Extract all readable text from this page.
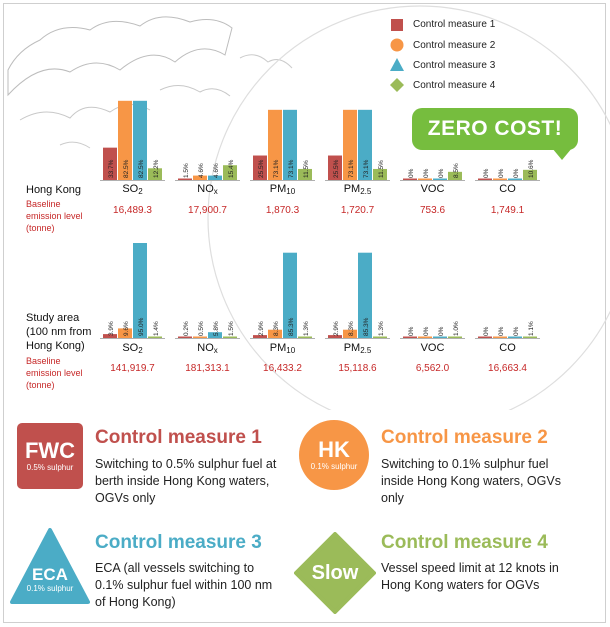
33.7% 82.5% 82.5% 12.2%	1.5% 4.6% 4.6% 15.4%	25.5% 73.1% 73.1% 11.5%	25.5% 73.1% 73.1% 11.5%	0% 0% 0% 8.5%	0% 0% 0% 10.6%
3.9% 9.6% 95.0% 1.4%	0.2% 0.5% 5.8% 1.5%	2.9% 8.3% 85.3% 1.3%	2.9% 8.3% 85.3% 1.3%	0% 0% 0% 1.0%	0% 0% 0% 1.1%
Hong Kong
Baseline
emission level
(tonne)
Study area
(100 nm from
Hong Kong)
Baseline
emission level
(tonne)
$SO_2$
16,489.3
$NO_x$
17,900.7
$PM_{10}$
1,870.3
$PM_{2.5}$
1,720.7
VOC
753.6
CO
1,749.1
$SO_2$
141,919.7
$NO_x$
181,313.1
$PM_{10}$
16,433.2
$PM_{2.5}$
15,118.6
VOC
6,562.0
CO
16,663.4
Control measure 1
Control measure 2
Control measure 3
Control measure 4
ZERO COST!
FWC
0.5% sulphur
Control measure 1
Switching to 0.5% sulphur fuel at berth inside Hong Kong waters, OGVs only
HK
0.1% sulphur
Control measure 2
Switching to 0.1% sulphur fuel inside Hong Kong waters, OGVs only
ECA
0.1% sulphur
Control measure 3
ECA (all vessels switching to 0.1% sulphur fuel within 100 nm of Hong Kong)
Slow
Control measure 4
Vessel speed limit at 12 knots in Hong Kong waters for OGVs
